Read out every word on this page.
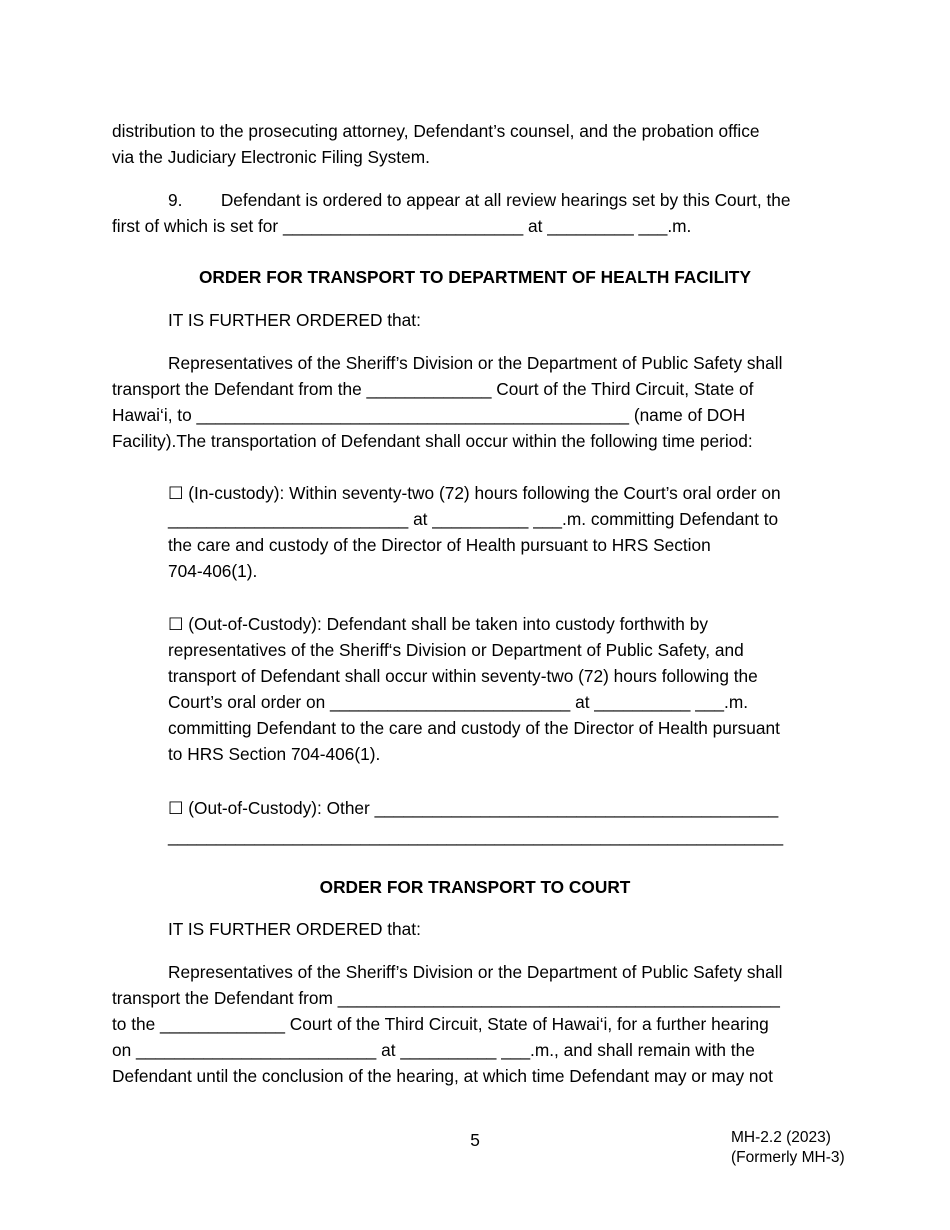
distribution to the prosecuting attorney, Defendant’s counsel, and the probation office
via the Judiciary Electronic Filing System.
9.        Defendant is ordered to appear at all review hearings set by this Court, the
first of which is set for _________________________ at _________ ___.m.
ORDER FOR TRANSPORT TO DEPARTMENT OF HEALTH FACILITY
IT IS FURTHER ORDERED that:
Representatives of the Sheriff’s Division or the Department of Public Safety shall
transport the Defendant from the _____________ Court of the Third Circuit, State of
Hawai‘i, to _____________________________________________ (name of DOH
Facility).The transportation of Defendant shall occur within the following time period:
☐ (In-custody): Within seventy-two (72) hours following the Court’s oral order on
_________________________ at __________ ___.m. committing Defendant to
the care and custody of the Director of Health pursuant to HRS Section
704-406(1).
☐ (Out-of-Custody): Defendant shall be taken into custody forthwith by
representatives of the Sheriff‘s Division or Department of Public Safety, and
transport of Defendant shall occur within seventy-two (72) hours following the
Court’s oral order on _________________________ at __________ ___.m.
committing Defendant to the care and custody of the Director of Health pursuant
to HRS Section 704-406(1).
☐ (Out-of-Custody): Other __________________________________________
________________________________________________________________
ORDER FOR TRANSPORT TO COURT
IT IS FURTHER ORDERED that:
Representatives of the Sheriff’s Division or the Department of Public Safety shall
transport the Defendant from ______________________________________________
to the _____________ Court of the Third Circuit, State of Hawai‘i, for a further hearing
on _________________________ at __________ ___.m., and shall remain with the
Defendant until the conclusion of the hearing, at which time Defendant may or may not
5	MH-2.2 (2023)
(Formerly MH-3)
